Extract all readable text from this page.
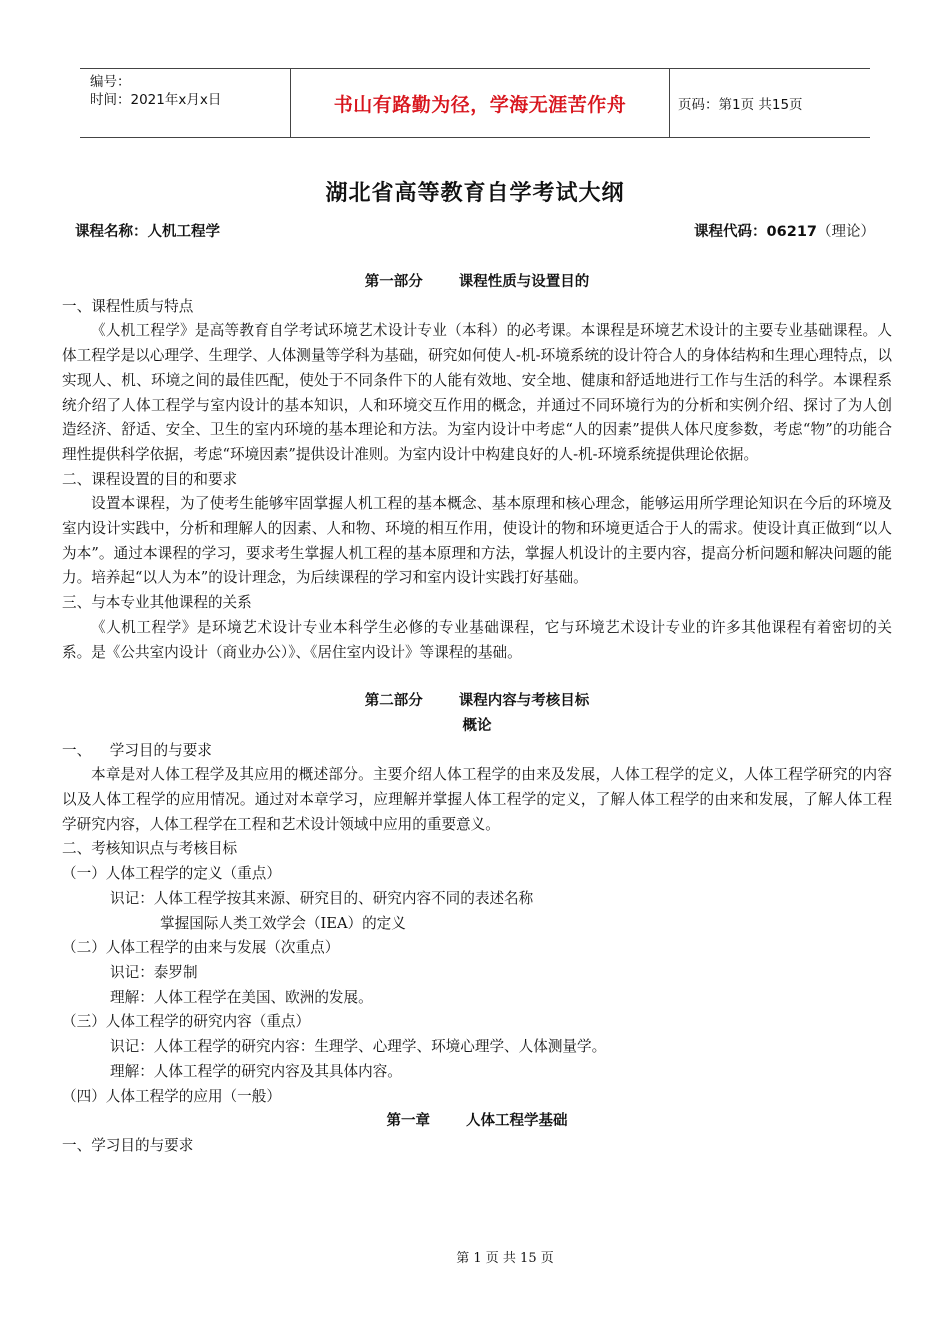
编号：
时间：2021年x月x日	书山有路勤为径，学海无涯苦作舟	页码：第1页 共15页
湖北省高等教育自学考试大纲
课程名称：人机工程学	课程代码：06217（理论）

第一部分 课程性质与设置目的

一、课程性质与特点

《人机工程学》是高等教育自学考试环境艺术设计专业（本科）的必考课。本课程是环境艺术设计的主要专业基础课程。人体工程学是以心理学、生理学、人体测量等学科为基础，研究如何使人-机-环境系统的设计符合人的身体结构和生理心理特点，以实现人、机、环境之间的最佳匹配，使处于不同条件下的人能有效地、安全地、健康和舒适地进行工作与生活的科学。本课程系统介绍了人体工程学与室内设计的基本知识，人和环境交互作用的概念，并通过不同环境行为的分析和实例介绍、探讨了为人创造经济、舒适、安全、卫生的室内环境的基本理论和方法。为室内设计中考虑“人的因素”提供人体尺度参数，考虑“物”的功能合理性提供科学依据，考虑“环境因素”提供设计准则。为室内设计中构建良好的人-机-环境系统提供理论依据。

二、课程设置的目的和要求

设置本课程，为了使考生能够牢固掌握人机工程的基本概念、基本原理和核心理念，能够运用所学理论知识在今后的环境及室内设计实践中，分析和理解人的因素、人和物、环境的相互作用，使设计的物和环境更适合于人的需求。使设计真正做到“以人为本”。通过本课程的学习，要求考生掌握人机工程的基本原理和方法，掌握人机设计的主要内容，提高分析问题和解决问题的能力。培养起“以人为本”的设计理念，为后续课程的学习和室内设计实践打好基础。

三、与本专业其他课程的关系

《人机工程学》是环境艺术设计专业本科学生必修的专业基础课程，它与环境艺术设计专业的许多其他课程有着密切的关系。是《公共室内设计（商业办公）》、《居住室内设计》等课程的基础。

第二部分 课程内容与考核目标

概论

一、    学习目的与要求

本章是对人体工程学及其应用的概述部分。主要介绍人体工程学的由来及发展，人体工程学的定义，人体工程学研究的内容以及人体工程学的应用情况。通过对本章学习，应理解并掌握人体工程学的定义，了解人体工程学的由来和发展，了解人体工程学研究内容，人体工程学在工程和艺术设计领域中应用的重要意义。

二、考核知识点与考核目标

（一）人体工程学的定义（重点）

识记：人体工程学按其来源、研究目的、研究内容不同的表述名称

掌握国际人类工效学会（IEA）的定义

（二）人体工程学的由来与发展（次重点）

识记：泰罗制

理解：人体工程学在美国、欧洲的发展。

（三）人体工程学的研究内容（重点）

识记：人体工程学的研究内容：生理学、心理学、环境心理学、人体测量学。

理解：人体工程学的研究内容及其具体内容。

（四）人体工程学的应用（一般）

第一章 人体工程学基础

一、学习目的与要求

第 1 页 共 15 页
